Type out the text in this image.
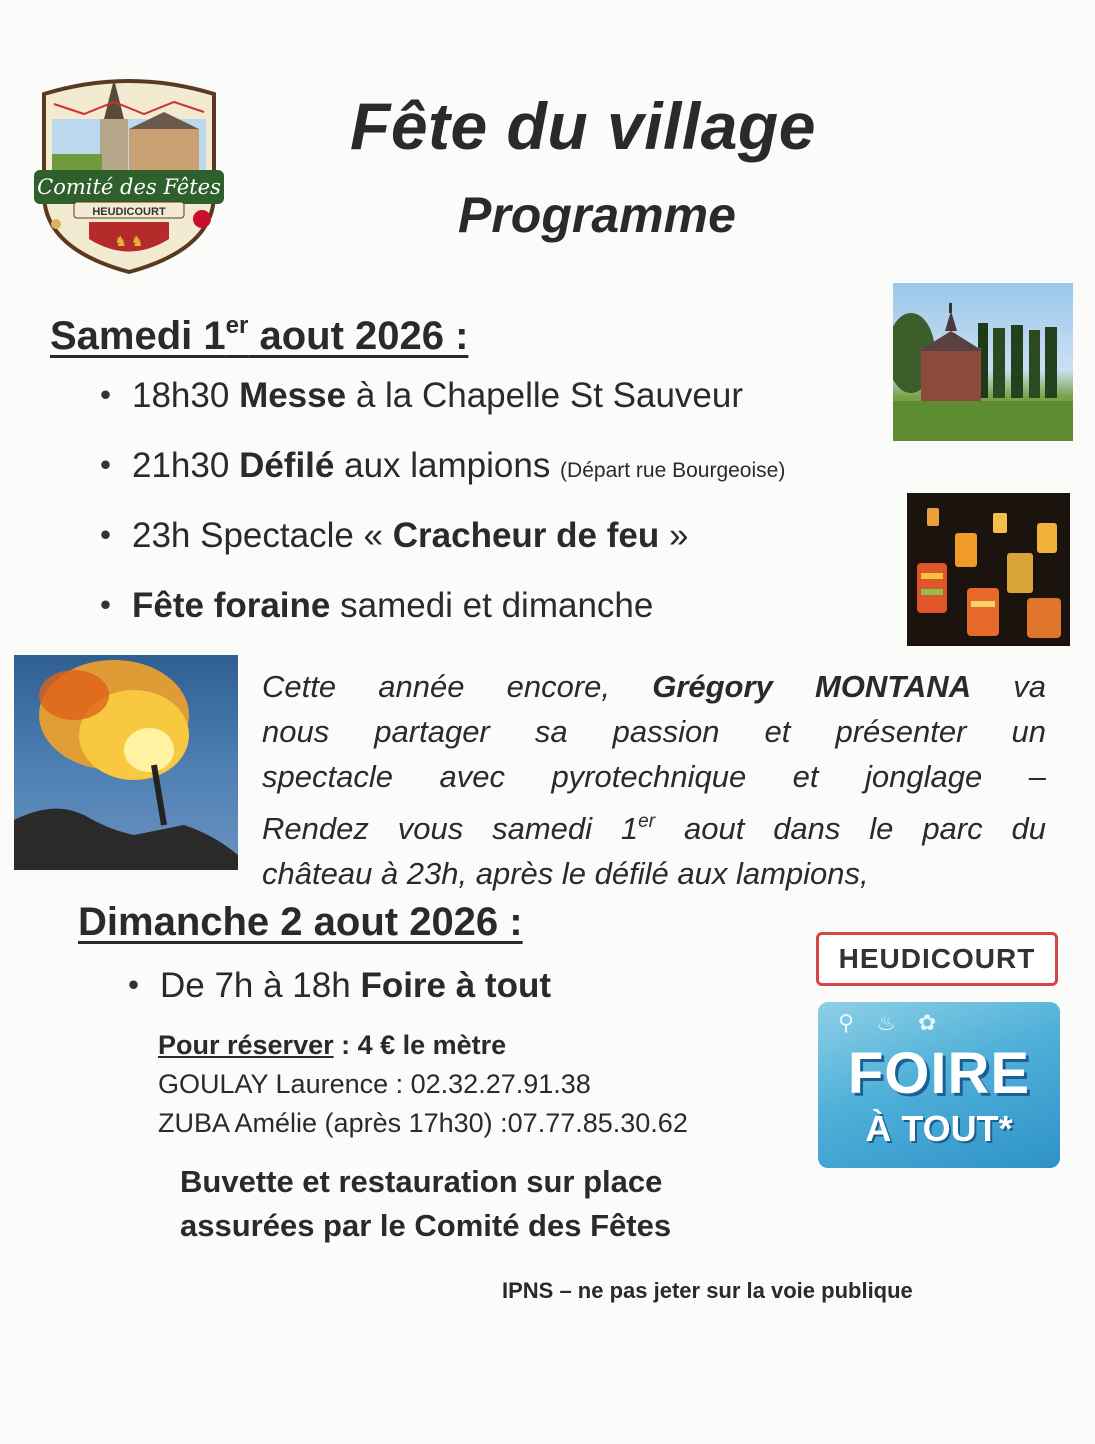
Comité des Fêtes
HEUDICOURT
♞ ♞
Fête du village
Programme
Samedi 1er aout 2026 :
• 18h30 Messe à la Chapelle St Sauveur
• 21h30 Défilé aux lampions (Départ rue Bourgeoise)
• 23h Spectacle « Cracheur de feu »
• Fête foraine samedi et dimanche
Cette année encore, Grégory MONTANA va
nous partager sa passion et présenter un
spectacle avec pyrotechnique et jonglage –
Rendez vous samedi 1er aout dans le parc du
château à 23h, après le défilé aux lampions,
Dimanche 2 aout 2026 :
• De 7h à 18h Foire à tout
Pour réserver : 4 € le mètre
GOULAY Laurence : 02.32.27.91.38
ZUBA Amélie (après 17h30) :07.77.85.30.62
HEUDICOURT
⚲ ♨ ✿
FOIRE
À TOUT*
Buvette et restauration sur place
assurées par le Comité des Fêtes
IPNS – ne pas jeter sur la voie publique
